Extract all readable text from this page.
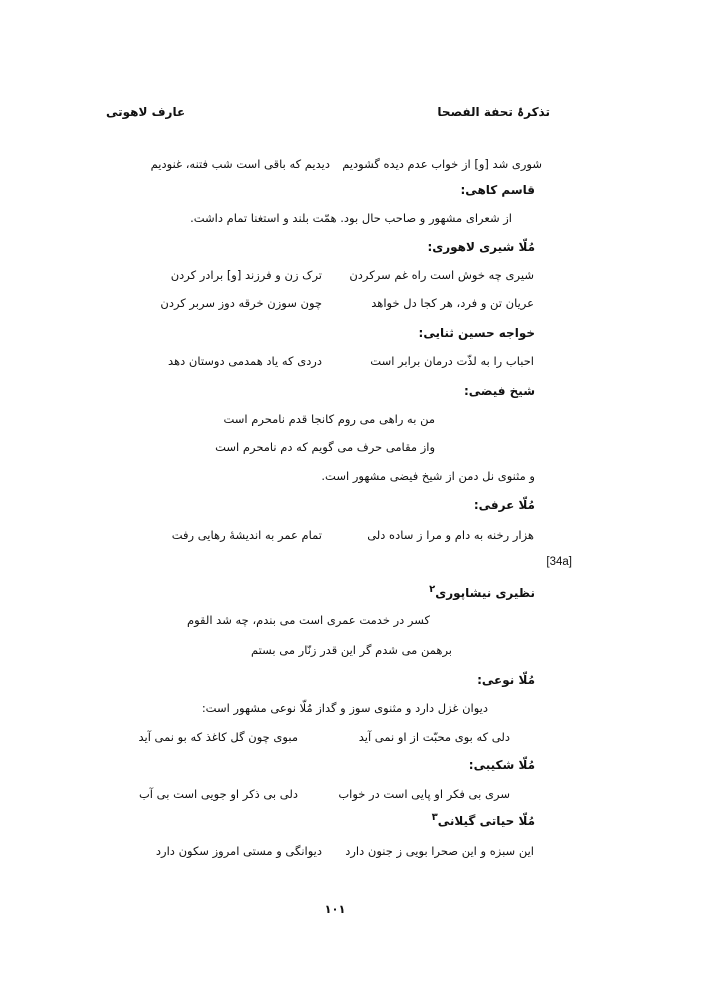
تذکرۂ تحفة الفصحا
عارف لاهوتی
شوری شد [و] از خواب عدم دیده گشودیم
دیدیم که باقی است شب فتنه، غنودیم
قاسم کاهی:
از شعرای مشهور و صاحب حال بود. همّت بلند و استغنا تمام داشت.
مُلّا شیری لاهوری:
شیری چه خوش است راه غم سرکردن
ترک زن و فرزند [و] برادر کردن
عریان تن و فرد، هر کجا دل خواهد
چون سوزن خرقه دوز سربر کردن
خواجه حسین ثنایی:
احباب را به لذّت درمان برابر است
دردی که یاد همدمی دوستان دهد
شیخ فیضی:
من به راهی می روم کانجا قدم نامحرم است
واز مقامی حرف می گویم که دم نامحرم است
و مثنوی نل دمن از شیخ فیضی مشهور است.
مُلّا عرفی:
هزار رخنه به دام و مرا ز ساده دلی
تمام عمر به اندیشهٔ رهایی رفت
[34a]
نظیری نیشاپوری$^۲$
کسر در خدمت عمری است می بندم، چه شد القوم
برهمن می شدم گر این قدر زنّار می بستم
مُلّا نوعی:
دیوان غزل دارد و مثنوی سوز و گداز مُلّا نوعی مشهور است:
دلی که بوی محبّت از او نمی آید
مبوی چون گل کاغذ که بو نمی آید
مُلّا شکیبی:
سری بی فکر او پایی است در خواب
دلی بی ذکر او جویی است بی آب
مُلّا حیاتی گیلانی$^۳$
این سبزه و این صحرا بویی ز جنون دارد
دیوانگی و مستی امروز سکون دارد
۱۰۱
